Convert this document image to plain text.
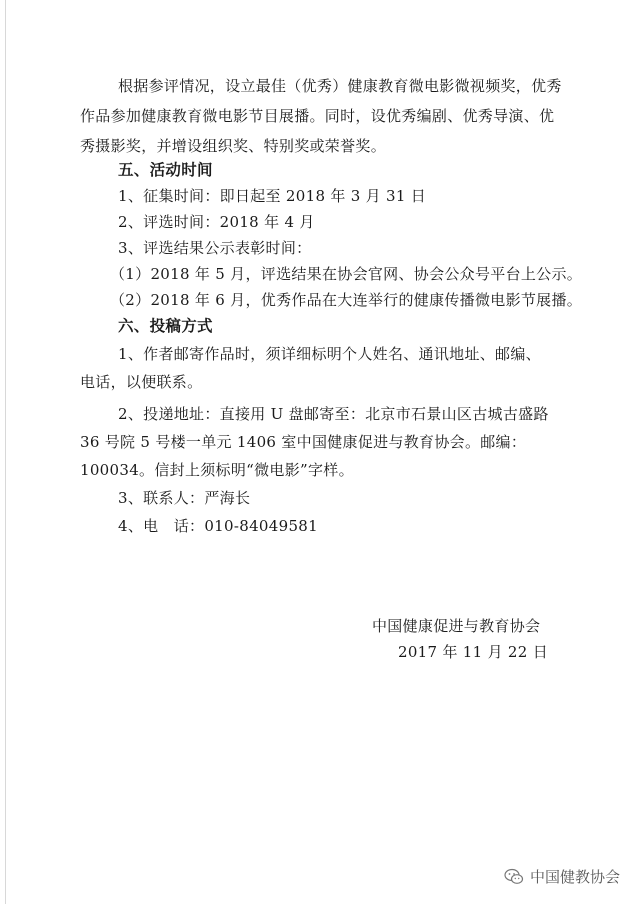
根据参评情况，设立最佳（优秀）健康教育微电影微视频奖，优秀
作品参加健康教育微电影节目展播。同时，设优秀编剧、优秀导演、优
秀摄影奖，并增设组织奖、特别奖或荣誉奖。
五、活动时间
1、征集时间：即日起至 2018 年 3 月 31 日
2、评选时间：2018 年 4 月
3、评选结果公示表彰时间：
（1）2018 年 5 月，评选结果在协会官网、协会公众号平台上公示。
（2）2018 年 6 月，优秀作品在大连举行的健康传播微电影节展播。
六、投稿方式
1、作者邮寄作品时，须详细标明个人姓名、通讯地址、邮编、
电话，以便联系。
2、投递地址：直接用 U 盘邮寄至：北京市石景山区古城古盛路
36 号院 5 号楼一单元 1406 室中国健康促进与教育协会。邮编：
100034。信封上须标明“微电影”字样。
3、联系人：严海长
4、电　话：010-84049581
中国健康促进与教育协会
2017 年 11 月 22 日
中国健教协会
